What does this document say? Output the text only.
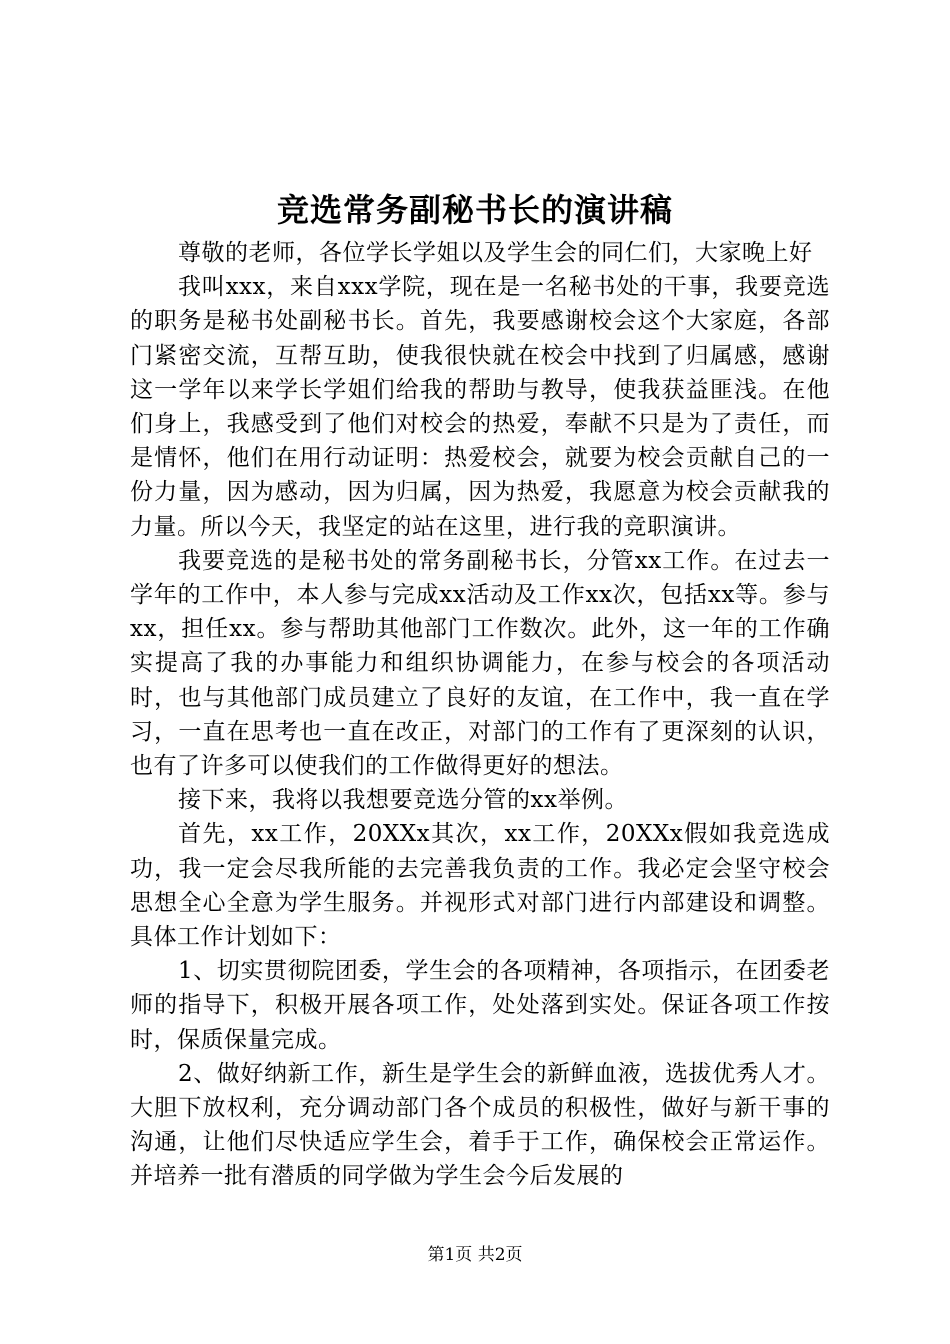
竞选常务副秘书长的演讲稿

尊敬的老师，各位学长学姐以及学生会的同仁们，大家晚上好

我叫xxx，来自xxx学院，现在是一名秘书处的干事，我要竞选的职务是秘书处副秘书长。首先，我要感谢校会这个大家庭，各部门紧密交流，互帮互助，使我很快就在校会中找到了归属感，感谢这一学年以来学长学姐们给我的帮助与教导，使我获益匪浅。在他们身上，我感受到了他们对校会的热爱，奉献不只是为了责任，而是情怀，他们在用行动证明：热爱校会，就要为校会贡献自己的一份力量，因为感动，因为归属，因为热爱，我愿意为校会贡献我的力量。所以今天，我坚定的站在这里，进行我的竞职演讲。

我要竞选的是秘书处的常务副秘书长，分管xx工作。在过去一学年的工作中，本人参与完成xx活动及工作xx次，包括xx等。参与xx，担任xx。参与帮助其他部门工作数次。此外，这一年的工作确实提高了我的办事能力和组织协调能力，在参与校会的各项活动时，也与其他部门成员建立了良好的友谊，在工作中，我一直在学习，一直在思考也一直在改正，对部门的工作有了更深刻的认识，也有了许多可以使我们的工作做得更好的想法。

接下来，我将以我想要竞选分管的xx举例。

首先，xx工作，20XXx其次，xx工作，20XXx假如我竞选成功，我一定会尽我所能的去完善我负责的工作。我必定会坚守校会思想全心全意为学生服务。并视形式对部门进行内部建设和调整。具体工作计划如下：

1、切实贯彻院团委，学生会的各项精神，各项指示，在团委老师的指导下，积极开展各项工作，处处落到实处。保证各项工作按时，保质保量完成。

2、做好纳新工作，新生是学生会的新鲜血液，选拔优秀人才。大胆下放权利，充分调动部门各个成员的积极性，做好与新干事的沟通，让他们尽快适应学生会，着手于工作，确保校会正常运作。并培养一批有潜质的同学做为学生会今后发展的

第1页 共2页
